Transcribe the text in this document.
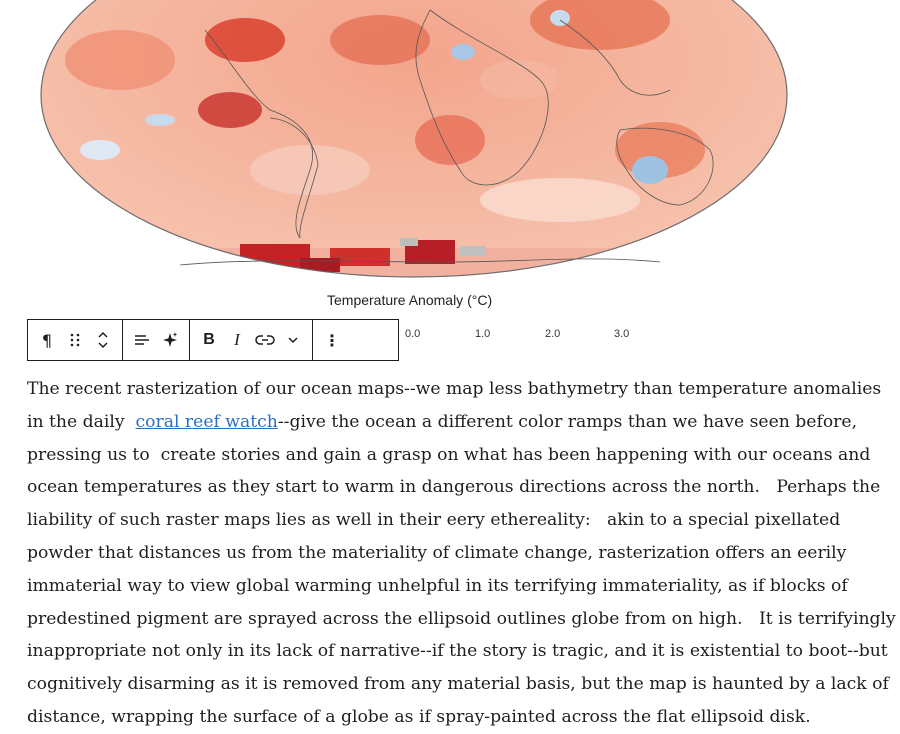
Temperature Anomaly (°C)
0.0	1.0	2.0	3.0
¶	B I	⋮

The recent rasterization of our ocean maps--we map less bathymetry than temperature anomalies

in the daily  coral reef watch--give the ocean a different color ramps than we have seen before,

pressing us to  create stories and gain a grasp on what has been happening with our oceans and

ocean temperatures as they start to warm in dangerous directions across the north.   Perhaps the

liability of such raster maps lies as well in their eery ethereality:   akin to a special pixellated

powder that distances us from the materiality of climate change, rasterization offers an eerily

immaterial way to view global warming unhelpful in its terrifying immateriality, as if blocks of

predestined pigment are sprayed across the ellipsoid outlines globe from on high.   It is terrifyingly

inappropriate not only in its lack of narrative--if the story is tragic, and it is existential to boot--but

cognitively disarming as it is removed from any material basis, but the map is haunted by a lack of

distance, wrapping the surface of a globe as if spray-painted across the flat ellipsoid disk.
